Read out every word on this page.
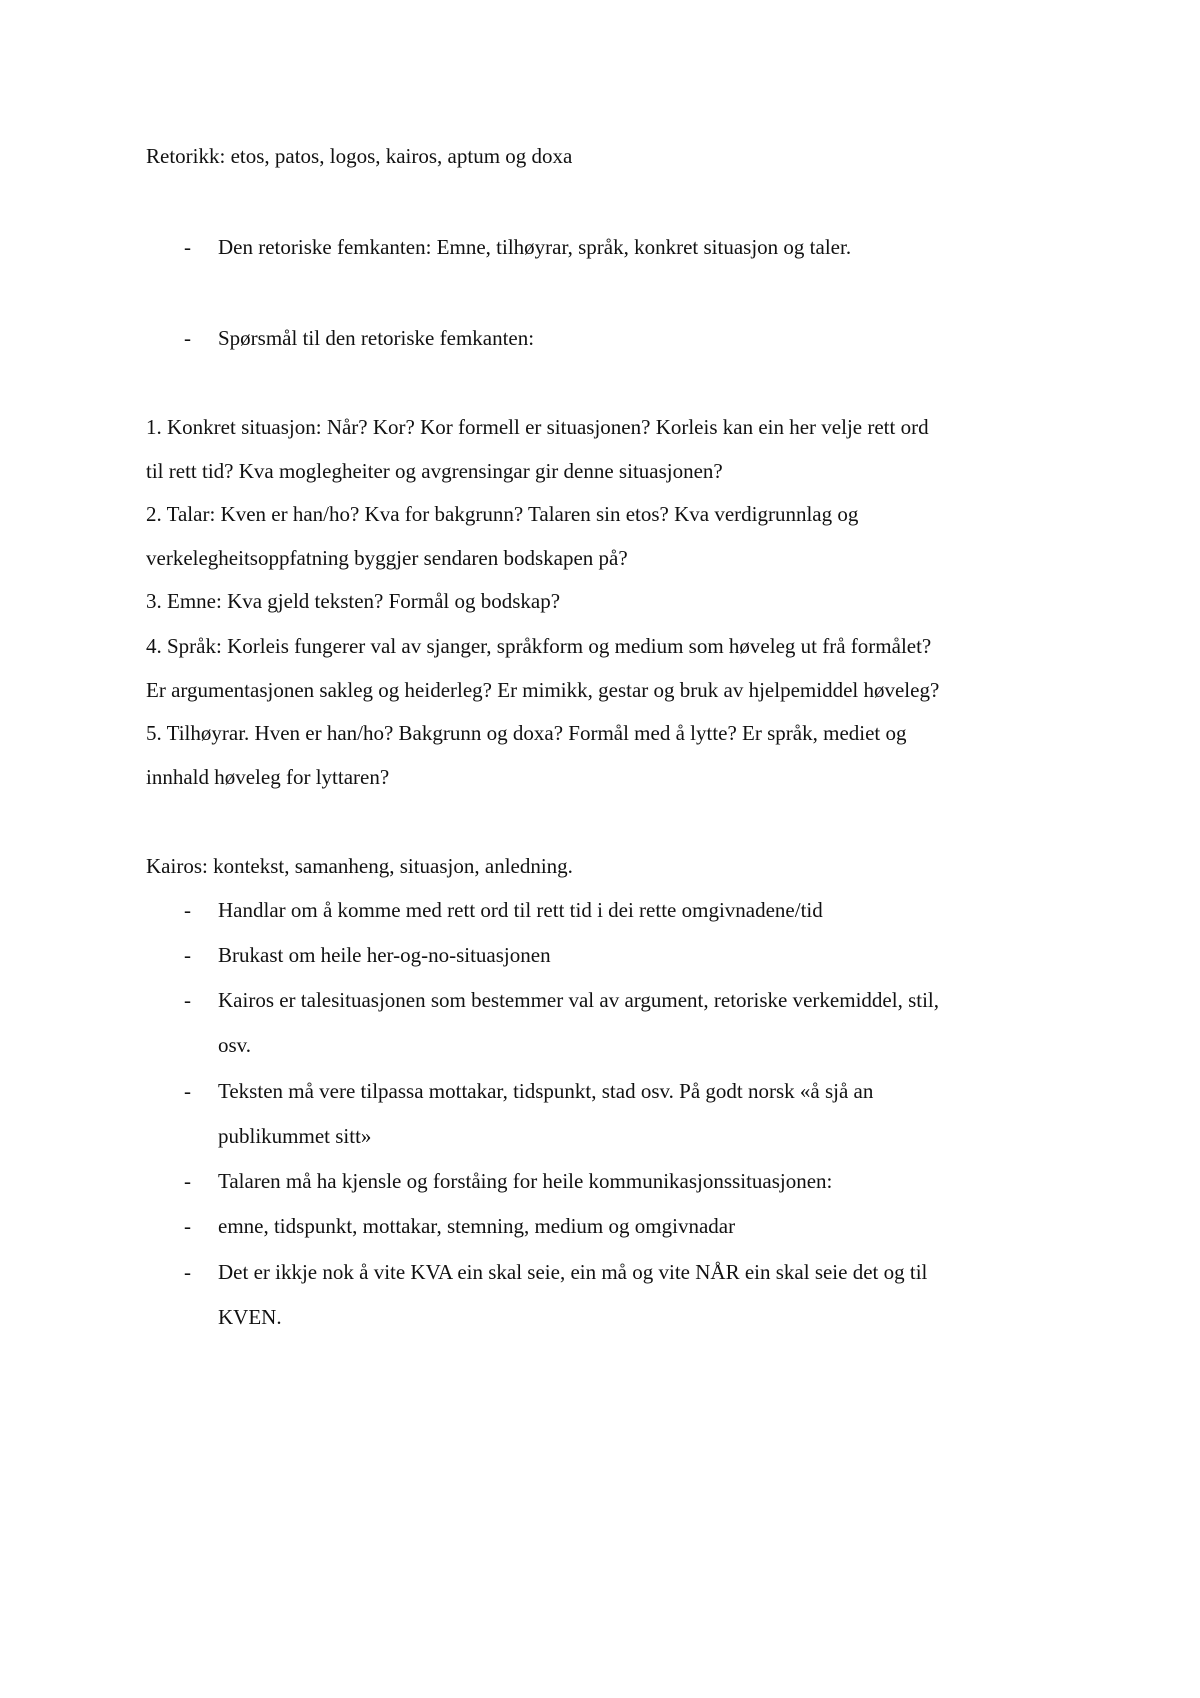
Retorikk: etos, patos, logos, kairos, aptum og doxa
- Den retoriske femkanten: Emne, tilhøyrar, språk, konkret situasjon og taler.
- Spørsmål til den retoriske femkanten:
1. Konkret situasjon: Når? Kor? Kor formell er situasjonen? Korleis kan ein her velje rett ord
til rett tid? Kva moglegheiter og avgrensingar gir denne situasjonen?
2. Talar: Kven er han/ho? Kva for bakgrunn? Talaren sin etos? Kva verdigrunnlag og
verkelegheitsoppfatning byggjer sendaren bodskapen på?
3. Emne: Kva gjeld teksten? Formål og bodskap?
4. Språk: Korleis fungerer val av sjanger, språkform og medium som høveleg ut frå formålet?
Er argumentasjonen sakleg og heiderleg? Er mimikk, gestar og bruk av hjelpemiddel høveleg?
5. Tilhøyrar. Hven er han/ho? Bakgrunn og doxa? Formål med å lytte? Er språk, mediet og
innhald høveleg for lyttaren?
Kairos: kontekst, samanheng, situasjon, anledning.
- Handlar om å komme med rett ord til rett tid i dei rette omgivnadene/tid
- Brukast om heile her-og-no-situasjonen
- Kairos er talesituasjonen som bestemmer val av argument, retoriske verkemiddel, stil,
osv.
- Teksten må vere tilpassa mottakar, tidspunkt, stad osv. På godt norsk «å sjå an
publikummet sitt»
- Talaren må ha kjensle og forståing for heile kommunikasjonssituasjonen:
- emne, tidspunkt, mottakar, stemning, medium og omgivnadar
- Det er ikkje nok å vite KVA ein skal seie, ein må og vite NÅR ein skal seie det og til
KVEN.
